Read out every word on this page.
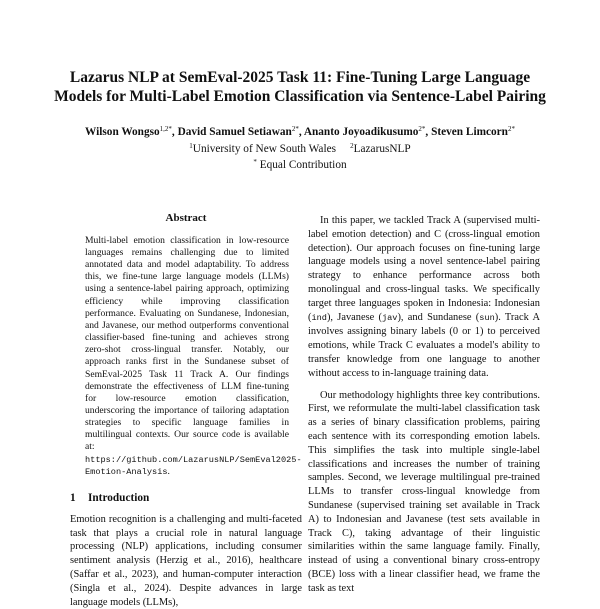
Lazarus NLP at SemEval-2025 Task 11: Fine-Tuning Large Language
Models for Multi-Label Emotion Classification via Sentence-Label Pairing
Wilson Wongso$^{1,2*}$, David Samuel Setiawan$^{2*}$, Ananto Joyoadikusumo$^{2*}$, Steven Limcorn$^{2*}$
$^1$University of New South Wales $^2$LazarusNLP
* Equal Contribution
Abstract
Multi-label emotion classification in low-resource languages remains challenging due to limited annotated data and model adaptability. To address this, we fine-tune large language models (LLMs) using a sentence-label pairing approach, optimizing efficiency while improving classification performance. Evaluating on Sundanese, Indonesian, and Javanese, our method outperforms conventional classifier-based fine-tuning and achieves strong zero-shot cross-lingual transfer. Notably, our approach ranks first in the Sundanese subset of SemEval-2025 Task 11 Track A. Our findings demonstrate the effectiveness of LLM fine-tuning for low-resource emotion classification, underscoring the importance of tailoring adaptation strategies to specific language families in multilingual contexts. Our source code is available at: https://github.com/LazarusNLP/SemEval2025-Emotion-Analysis.
1 Introduction

Emotion recognition is a challenging and multi-faceted task that plays a crucial role in natural language processing (NLP) applications, including consumer sentiment analysis (Herzig et al., 2016), healthcare (Saffar et al., 2023), and human-computer interaction (Singla et al., 2024). Despite advances in large language models (LLMs),

In this paper, we tackled Track A (supervised multi-label emotion detection) and C (cross-lingual emotion detection). Our approach focuses on fine-tuning large language models using a novel sentence-label pairing strategy to enhance performance across both monolingual and cross-lingual tasks. We specifically target three languages spoken in Indonesia: Indonesian (ind), Javanese (jav), and Sundanese (sun). Track A involves assigning binary labels (0 or 1) to perceived emotions, while Track C evaluates a model's ability to transfer knowledge from one language to another without access to in-language training data.

Our methodology highlights three key contributions. First, we reformulate the multi-label classification task as a series of binary classification problems, pairing each sentence with its corresponding emotion labels. This simplifies the task into multiple single-label classifications and increases the number of training samples. Second, we leverage multilingual pre-trained LLMs to transfer cross-lingual knowledge from Sundanese (supervised training set available in Track A) to Indonesian and Javanese (test sets available in Track C), taking advantage of their linguistic similarities within the same language family. Finally, instead of using a conventional binary cross-entropy (BCE) loss with a linear classifier head, we frame the task as text
